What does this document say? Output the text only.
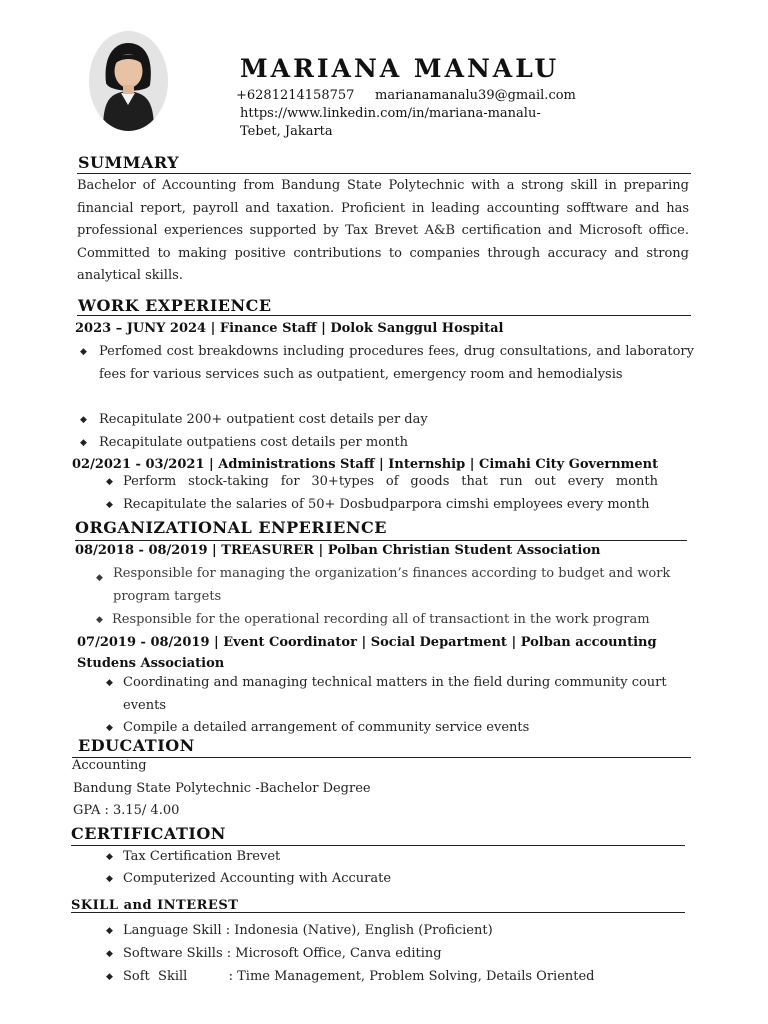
MARIANA MANALU
+6281214158757 marianamanalu39@gmail.com
https://www.linkedin.com/in/mariana-manalu-
Tebet, Jakarta
SUMMARY
Bachelor of Accounting from Bandung State Polytechnic with a strong skill in preparing financial report, payroll and taxation. Proficient in leading accounting sofftware and has professional experiences supported by Tax Brevet A&B certification and Microsoft office. Committed to making positive contributions to companies through accuracy and strong analytical skills.
WORK EXPERIENCE
2023 – JUNY 2024 | Finance Staff | Dolok Sanggul Hospital
◆ Perfomed cost breakdowns including procedures fees, drug consultations, and laboratory fees for various services such as outpatient, emergency room and hemodialysis
◆ Recapitulate 200+ outpatient cost details per day
◆ Recapitulate outpatiens cost details per month
02/2021 - 03/2021 | Administrations Staff | Internship | Cimahi City Government
◆ Perform stock-taking for 30+types of goods that run out every month
◆ Recapitulate the salaries of 50+ Dosbudparpora cimshi employees every month
ORGANIZATIONAL ENPERIENCE
08/2018 - 08/2019 | TREASURER | Polban Christian Student Association
◆ Responsible for managing the organization’s finances according to budget and work program targets
◆ Responsible for the operational recording all of transactiont in the work program
07/2019 - 08/2019 | Event Coordinator | Social Department | Polban accounting Studens Association
◆ Coordinating and managing technical matters in the field during community court events
◆ Compile a detailed arrangement of community service events
EDUCATION
Accounting
Bandung State Polytechnic -Bachelor Degree
GPA : 3.15/ 4.00
CERTIFICATION
◆ Tax Certification Brevet
◆ Computerized Accounting with Accurate
SKILL and INTEREST
◆ Language Skill : Indonesia (Native), English (Proficient)
◆ Software Skills : Microsoft Office, Canva editing
◆ Soft  Skill          : Time Management, Problem Solving, Details Oriented
